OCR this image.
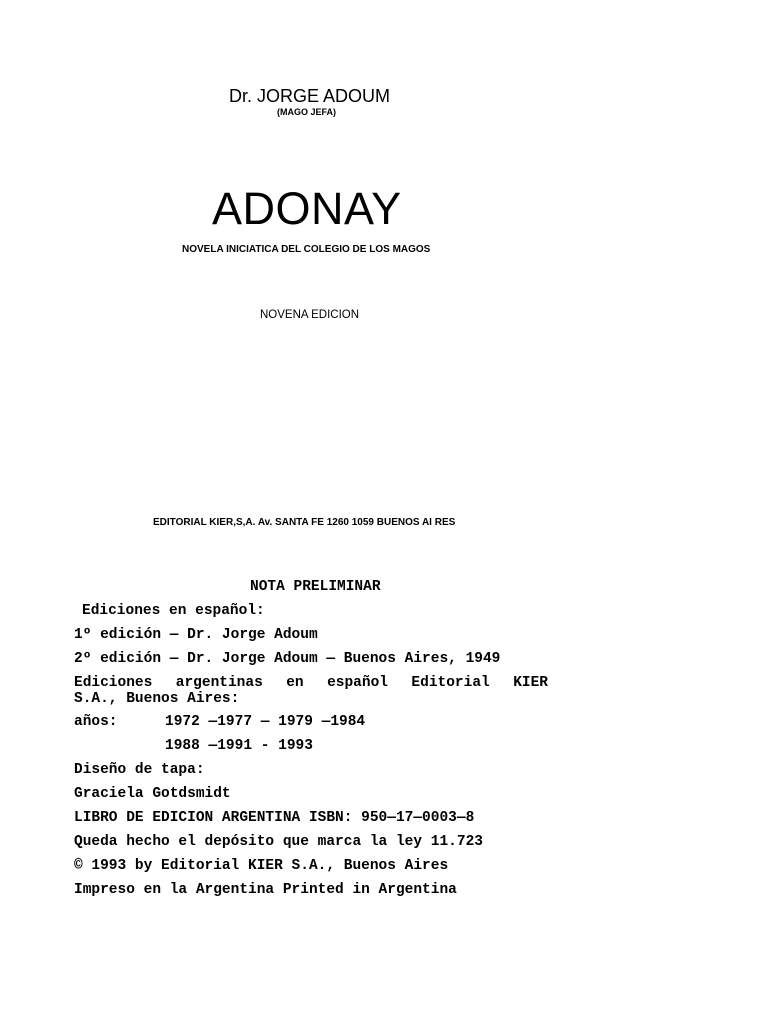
Dr. JORGE ADOUM
(MAGO JEFA)
ADONAY
NOVELA INICIATICA DEL COLEGIO DE LOS MAGOS
NOVENA EDICION
EDITORIAL KIER,S,A. Av. SANTA FE 1260 1059 BUENOS AI RES
NOTA PRELIMINAR
Ediciones en español:
1º edición — Dr. Jorge Adoum
2º edición — Dr. Jorge Adoum — Buenos Aires, 1949
Ediciones argentinas en español Editorial KIER
S.A., Buenos Aires:
años:	1972 —1977 — 1979 —1984
1988 —1991 - 1993
Diseño de tapa:
Graciela Gotdsmidt
LIBRO DE EDICION ARGENTINA ISBN: 950—17—0003—8
Queda hecho el depósito que marca la ley 11.723
© 1993 by Editorial KIER S.A., Buenos Aires
Impreso en la Argentina Printed in Argentina
